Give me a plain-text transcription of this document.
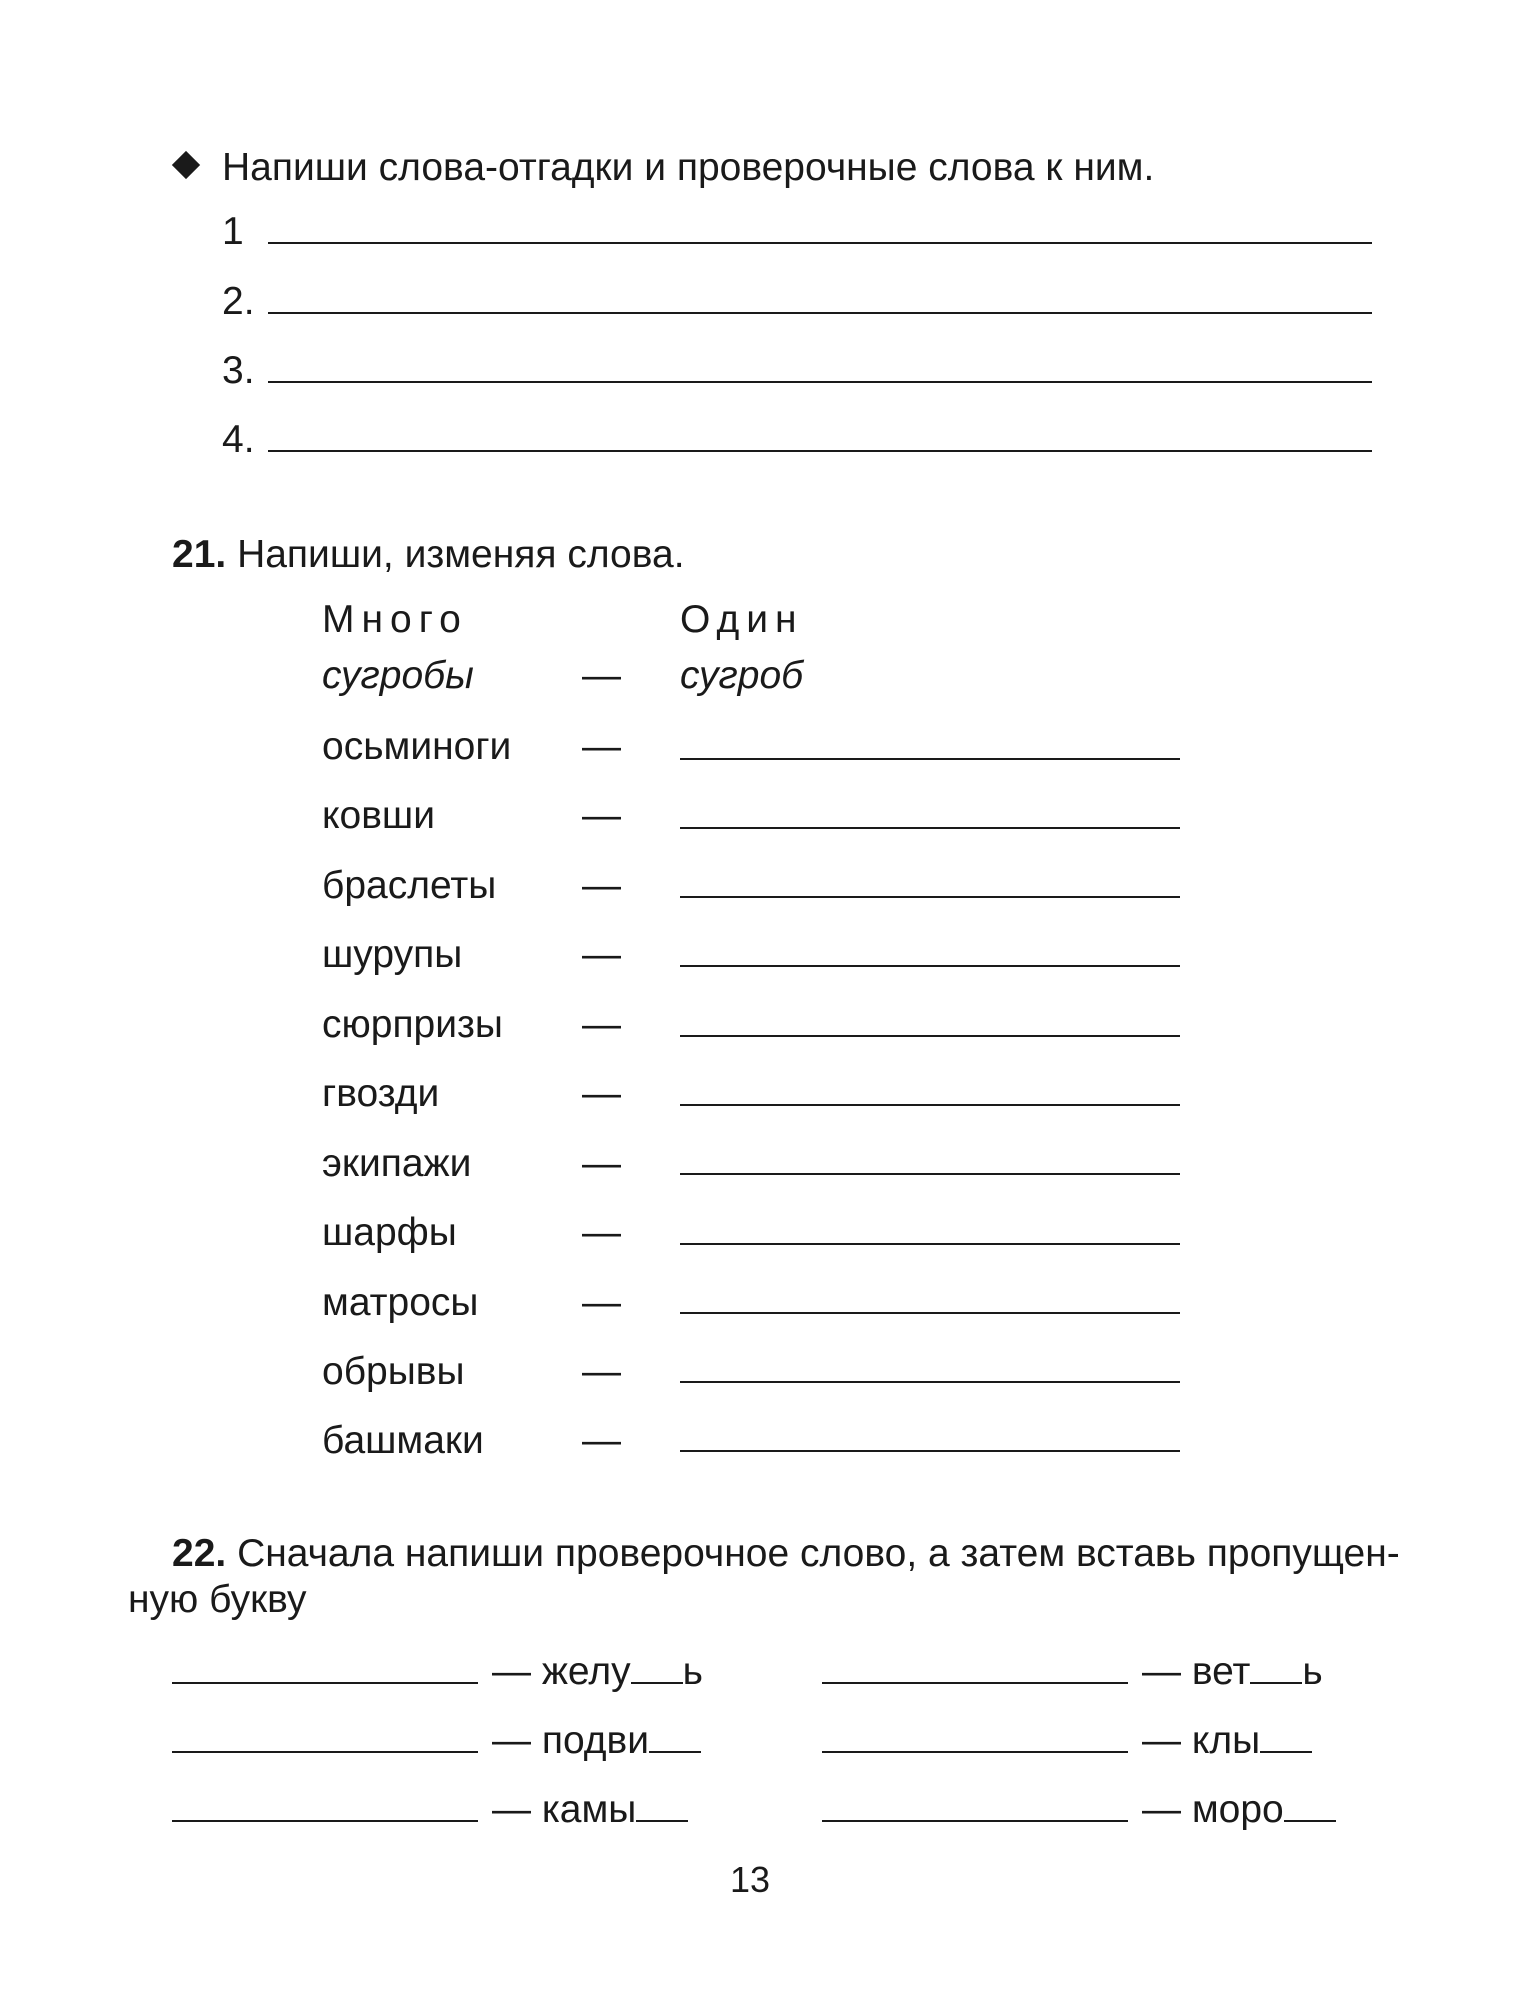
Напиши слова-отгадки и проверочные слова к ним.
1
2.
3.
4.
21. Напиши, изменяя слова.
Много	Один
сугробы	— сугроб
осьминоги —
ковши	—
браслеты —
шурупы	—
сюрпризы —
гвозди	—
экипажи	—
шарфы	—
матросы	—
обрывы	—
башмаки	—
22. Сначала напиши проверочное слово, а затем вставь пропущен-
ную букву
— желу ь
— подви
— камы
— вет ь
— клы
— моро
13
